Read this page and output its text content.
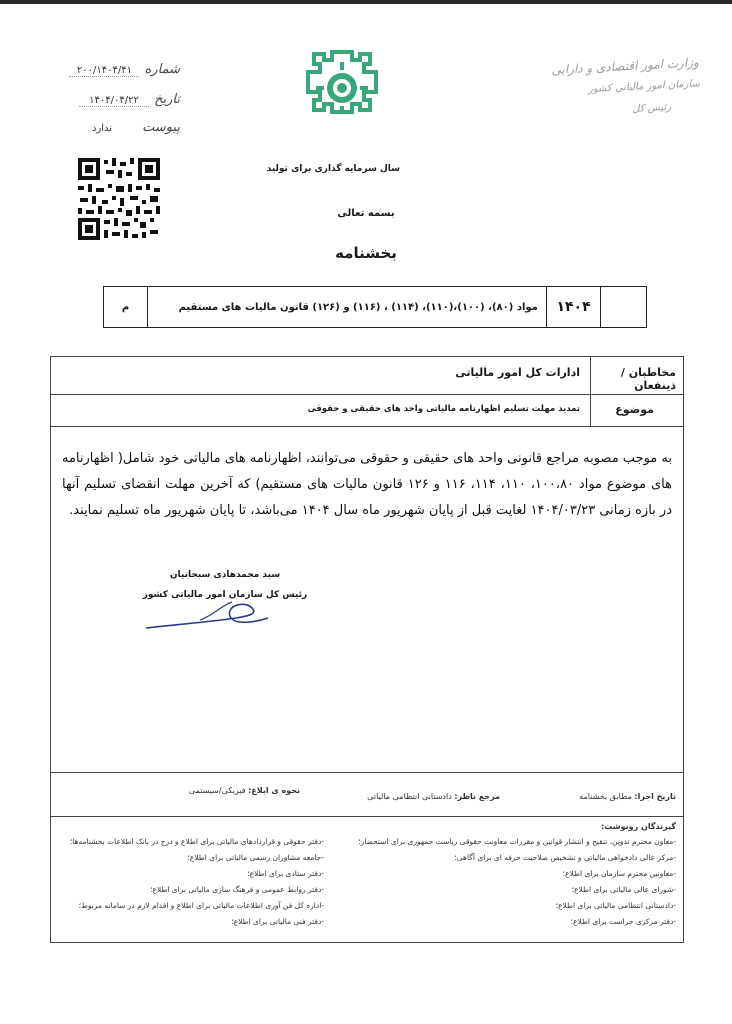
شماره ۲۰۰/۱۴۰۴/۴۱
تاریخ ۱۴۰۴/۰۴/۲۲
پیوست ندارد
وزارت امور اقتصادی و دارایی
سازمان امور مالیاتی کشور
رئیس کل
سال سرمایه گذاری برای تولید
بسمه تعالی
بخشنامه
م	مواد (۸۰)، (۱۰۰)،(۱۱۰)، (۱۱۴) ، (۱۱۶) و (۱۲۶) قانون مالیات های مستقیم	۱۴۰۴	
مخاطبان / ذینفعان
ادارات کل امور مالیاتی
موضوع
تمدید مهلت تسلیم اظهارنامه مالیاتی واحد های حقیقی و حقوقی
به موجب مصوبه مراجع قانونی واحد های حقیقی و حقوقی می‌توانند، اظهارنامه های مالیاتی خود شامل( اظهارنامه های موضوع مواد ۱۰۰،۸۰، ۱۱۰، ۱۱۴، ۱۱۶ و ۱۲۶ قانون مالیات های مستقیم) که آخرین مهلت انقضای تسلیم آنها در بازه زمانی ۱۴۰۴/۰۳/۲۳ لغایت قبل از پایان شهریور ماه سال ۱۴۰۴ می‌باشد، تا پایان شهریور ماه تسلیم نمایند.
سید محمدهادی سبحانیان
رئیس کل سازمان امور مالیاتی کشور
تاریخ اجرا: مطابق بخشنامه
مرجع ناظر: دادستانی انتظامی مالیاتی
نحوه ی ابلاغ: فیزیکی/سیستمی
گیرندگان رونوشت:
-معاون محترم تدوین، تنقیح و انتشار قوانین و مقررات معاونت حقوقی ریاست جمهوری برای استحضار؛
-مرکز عالی دادخواهی مالیاتی و تشخیص صلاحیت حرفه ای برای آگاهی؛
-معاونین محترم سازمان برای اطلاع؛
-شورای عالی مالیاتی برای اطلاع؛
-دادستانی انتظامی مالیاتی برای اطلاع؛
-دفتر مرکزی حراست برای اطلاع؛
-دفتر حقوقی و قراردادهای مالیاتی برای اطلاع و درج در بانک اطلاعات بخشنامه‌ها؛
-جامعه مشاوران رسمی مالیاتی برای اطلاع؛
-دفتر ستادی برای اطلاع؛
-دفتر روابط عمومی و فرهنگ سازی مالیاتی برای اطلاع؛
-اداره کل فن آوری اطلاعات مالیاتی برای اطلاع و اقدام لازم در سامانه مربوط؛
-دفتر فنی مالیاتی برای اطلاع؛
